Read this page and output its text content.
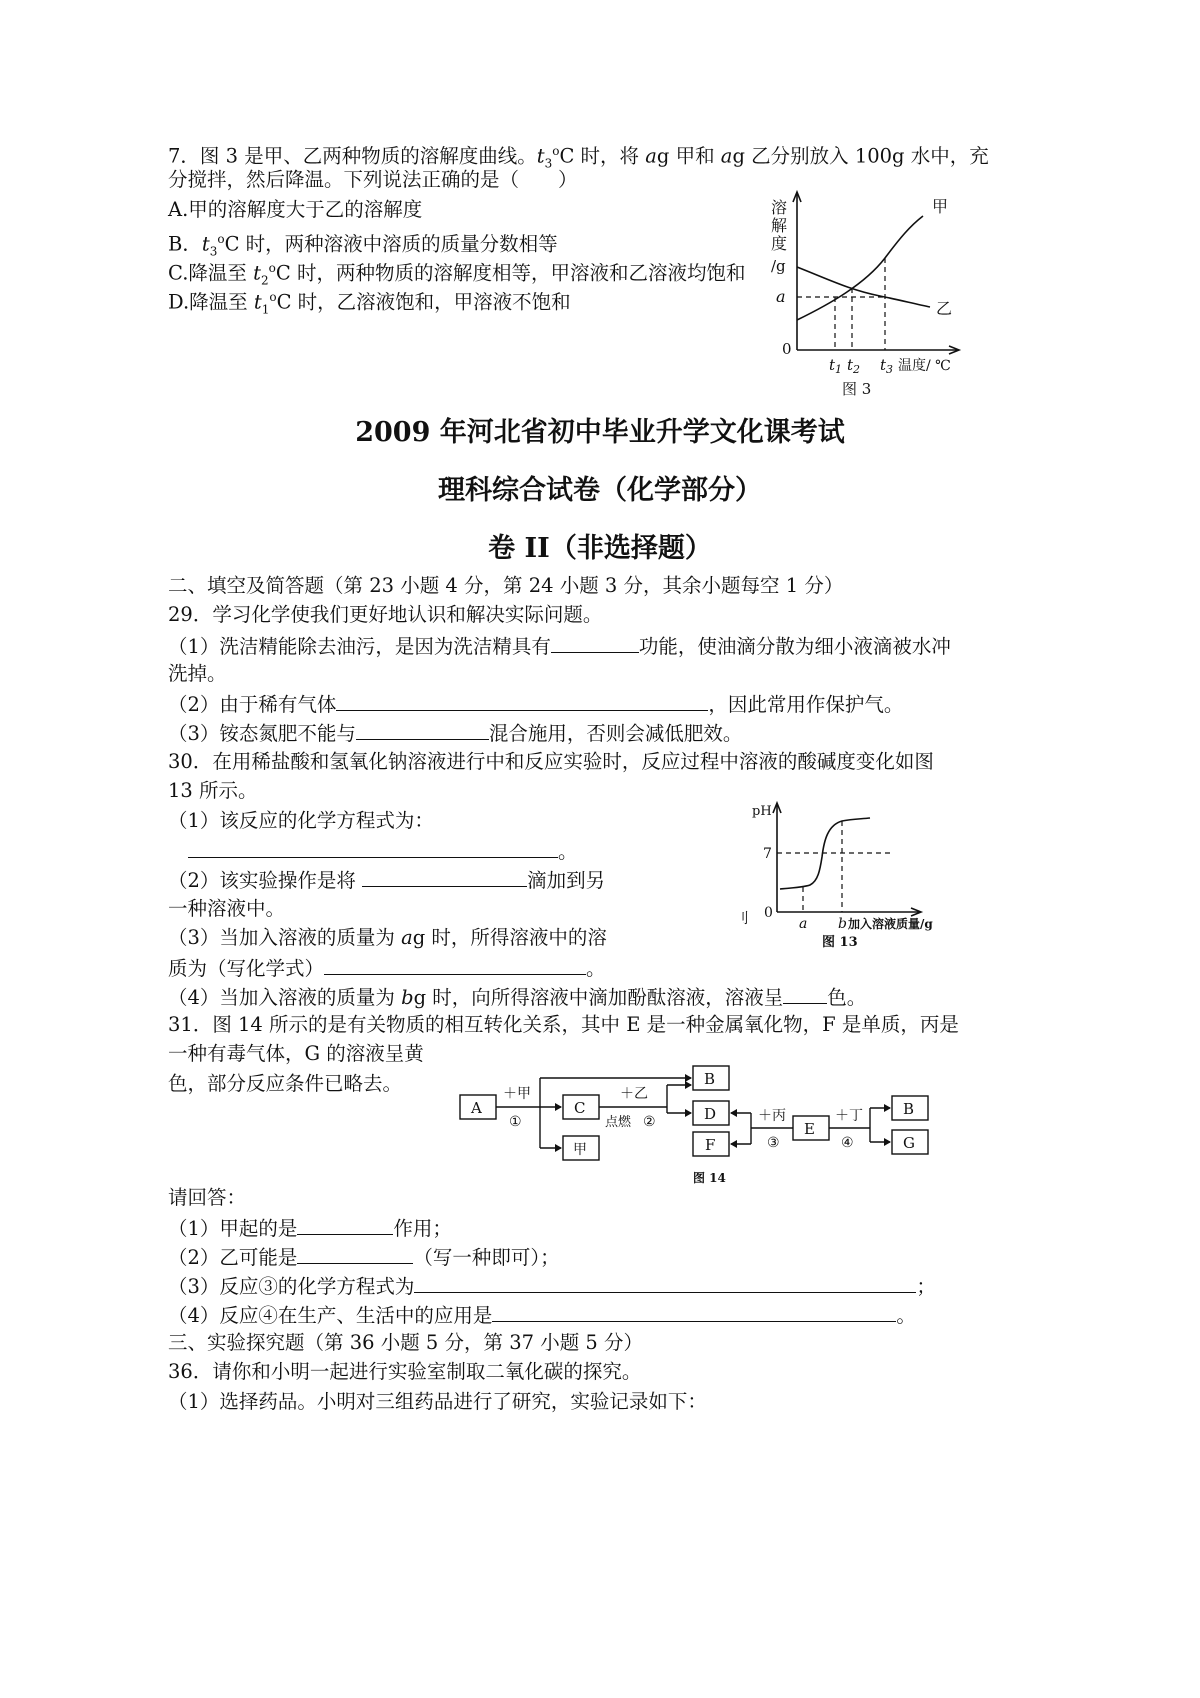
7．图 3 是甲、乙两种物质的溶解度曲线。$t_3^oC$ 时，将 ag 甲和 ag 乙分别放入 100g 水中，充
分搅拌，然后降温。下列说法正确的是（　　）
A.甲的溶解度大于乙的溶解度
B．$t_3^oC$ 时，两种溶液中溶质的质量分数相等
C.降温至 $t_2^oC$ 时，两种物质的溶解度相等，甲溶液和乙溶液均饱和
D.降温至 $t_1^oC$ 时，乙溶液饱和，甲溶液不饱和
溶
解
度
/g
a
0
$t_1$ $t_2$ $t_3$ 温度/ ℃
甲
乙
图 3
2009 年河北省初中毕业升学文化课考试
理科综合试卷（化学部分）
卷 II（非选择题）
二、填空及简答题（第 23 小题 4 分，第 24 小题 3 分，其余小题每空 1 分）
29．学习化学使我们更好地认识和解决实际问题。
（1）洗洁精能除去油污，是因为洗洁精具有	功能，使油滴分散为细小液滴被水冲
洗掉。
（2）由于稀有气体	，因此常用作保护气。
（3）铵态氮肥不能与	混合施用，否则会减低肥效。
30．在用稀盐酸和氢氧化钠溶液进行中和反应实验时，反应过程中溶液的酸碱度变化如图
13 所示。
（1）该反应的化学方程式为：
。
（2）该实验操作是将	滴加到另
一种溶液中。
（3）当加入溶液的质量为 ag 时，所得溶液中的溶
质为（写化学式）	。
（4）当加入溶液的质量为 bg 时，向所得溶液中滴加酚酞溶液，溶液呈 色。
pH
7
0
a b 加入溶液质量/g
图 13
刂
31．图 14 所示的是有关物质的相互转化关系，其中 E 是一种金属氧化物，F 是单质，丙是
一种有毒气体，G 的溶液呈黄
色，部分反应条件已略去。
A	C
甲
B
D
F
E
B
G
＋甲
①
＋乙
点燃 ②	＋丙
③
＋丁
④
图 14
请回答：
（1）甲起的是	作用；
（2）乙可能是	（写一种即可）；
（3）反应③的化学方程式为	；
（4）反应④在生产、生活中的应用是	。
三、实验探究题（第 36 小题 5 分，第 37 小题 5 分）
36．请你和小明一起进行实验室制取二氧化碳的探究。
（1）选择药品。小明对三组药品进行了研究，实验记录如下：
